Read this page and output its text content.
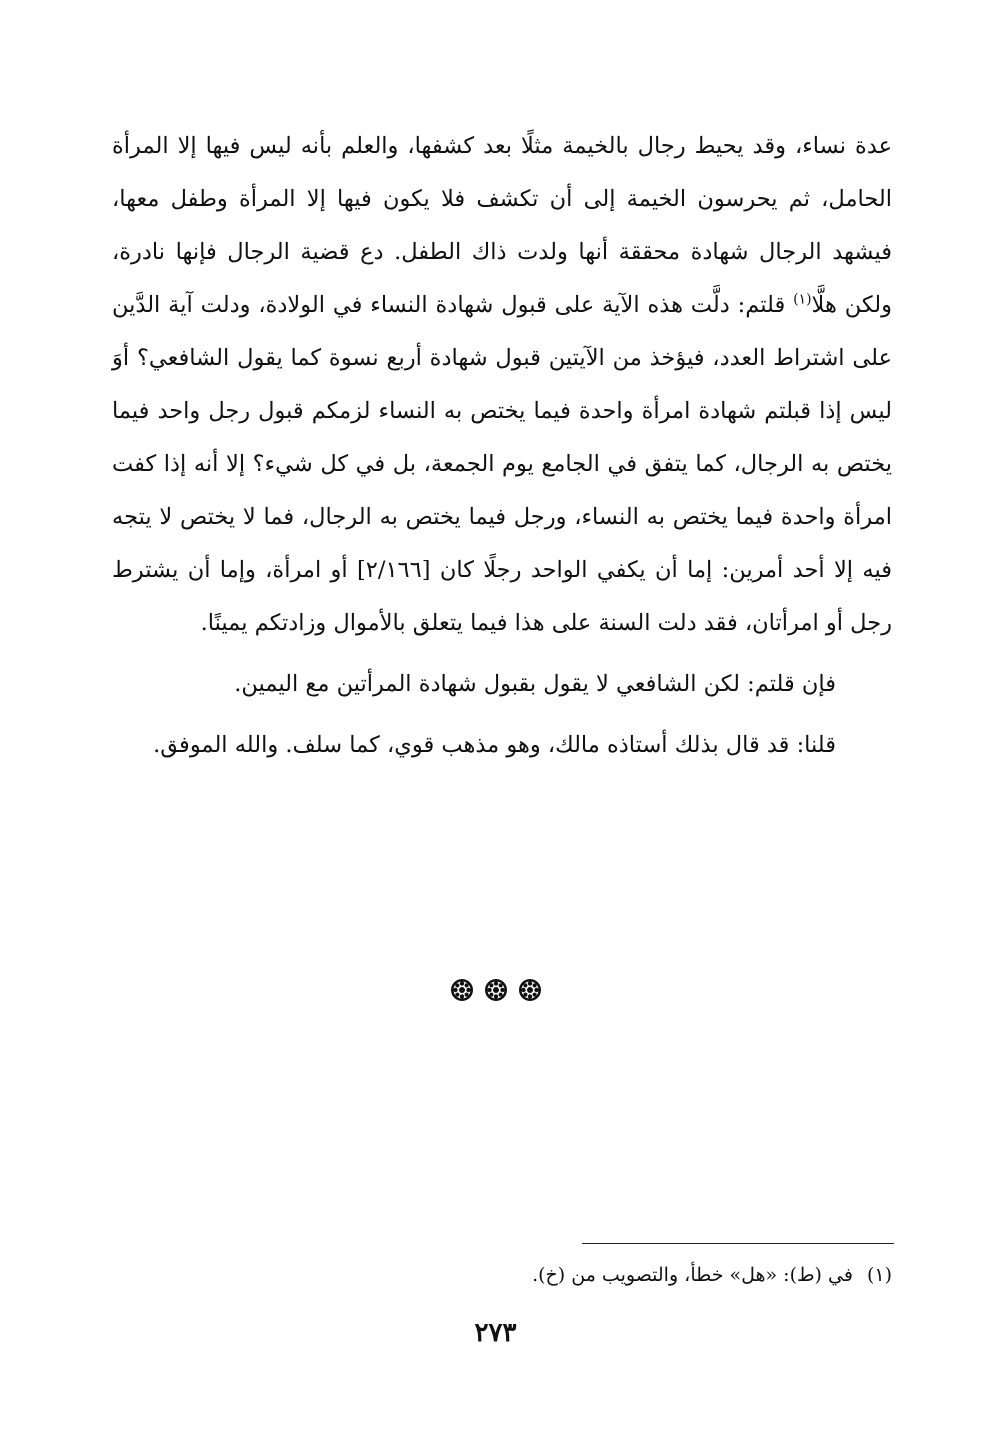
عدة نساء، وقد يحيط رجال بالخيمة مثلًا بعد كشفها، والعلم بأنه ليس فيها إلا المرأة الحامل، ثم يحرسون الخيمة إلى أن تكشف فلا يكون فيها إلا المرأة وطفل معها، فيشهد الرجال شهادة محققة أنها ولدت ذاك الطفل. دع قضية الرجال فإنها نادرة، ولكن هلَّا$^{(١)}$ قلتم: دلَّت هذه الآية على قبول شهادة النساء في الولادة، ودلت آية الدَّين على اشتراط العدد، فيؤخذ من الآيتين قبول شهادة أربع نسوة كما يقول الشافعي؟ أوَ ليس إذا قبلتم شهادة امرأة واحدة فيما يختص به النساء لزمكم قبول رجل واحد فيما يختص به الرجال، كما يتفق في الجامع يوم الجمعة، بل في كل شيء؟ إلا أنه إذا كفت امرأة واحدة فيما يختص به النساء، ورجل فيما يختص به الرجال، فما لا يختص لا يتجه فيه إلا أحد أمرين: إما أن يكفي الواحد رجلًا كان [٢/١٦٦] أو امرأة، وإما أن يشترط رجل أو امرأتان، فقد دلت السنة على هذا فيما يتعلق بالأموال وزادتكم يمينًا.

فإن قلتم: لكن الشافعي لا يقول بقبول شهادة المرأتين مع اليمين.

قلنا: قد قال بذلك أستاذه مالك، وهو مذهب قوي، كما سلف. والله الموفق.

(١)في (ط): «هل» خطأ، والتصويب من (خ).
٢٧٣
